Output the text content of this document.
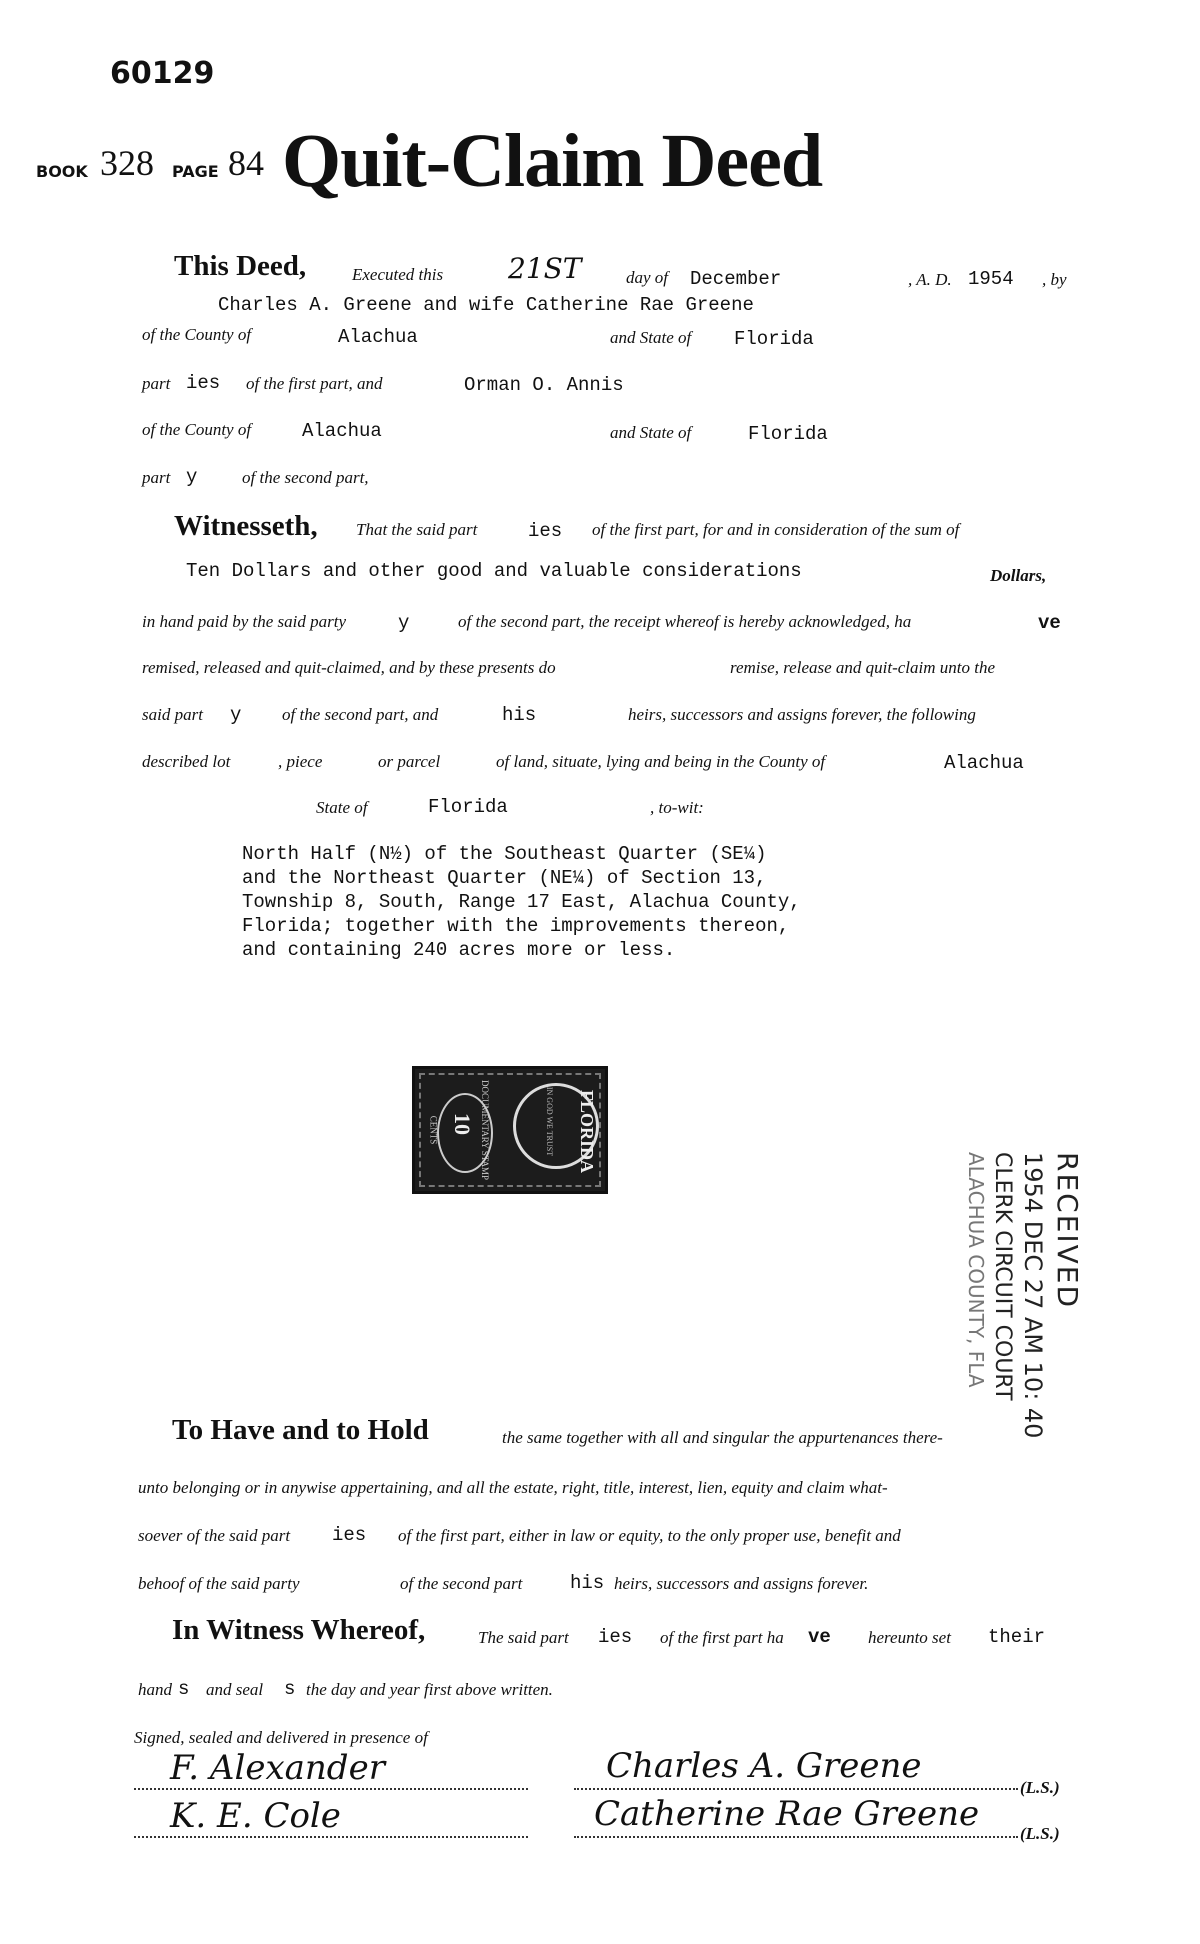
60129
BOOK 328 PAGE 84 Quit-Claim Deed
This Deed,	Executed this 21ST	day of December	, A. D. 1954 , by
Charles A. Greene and wife Catherine Rae Greene
of the County of	Alachua	and State of Florida
part ies of the first part, and	Orman O. Annis
of the County of	Alachua	and State of	Florida
part y	of the second part,
Witnesseth, That the said part	ies of the first part, for and in consideration of the sum of
Ten Dollars and other good and valuable considerations	Dollars,
in hand paid by the said party	y	of the second part, the receipt whereof is hereby acknowledged, ha	ve
remised, released and quit-claimed, and by these presents do	remise, release and quit-claim unto the
said part y of the second part, and	his	heirs, successors and assigns forever, the following
described lot	, piece	or parcel	of land, situate, lying and being in the County of	Alachua
State of	Florida	, to-wit:
North Half (N½) of the Southeast Quarter (SE¼)
and the Northeast Quarter (NE¼) of Section 13,
Township 8, South, Range 17 East, Alachua County,
Florida; together with the improvements thereon,
and containing 240 acres more or less.
FLORIDA
DOCUMENTARY STAMP
10
CENTS	IN GOD WE TRUST
RECEIVED
1954 DEC 27 AM 10: 40
CLERK CIRCUIT COURT
ALACHUA COUNTY, FLA
To Have and to Hold	the same together with all and singular the appurtenances there-
unto belonging or in anywise appertaining, and all the estate, right, title, interest, lien, equity and claim what-
soever of the said part ies of the first part, either in law or equity, to the only proper use, benefit and
behoof of the said party	of the second part	his heirs, successors and assigns forever.
In Witness Whereof,	The said part ies of the first part ha ve hereunto set their
hand s and seal s the day and year first above written.
Signed, sealed and delivered in presence of
F. Alexander
K. E. Cole
Charles A. Greene
(L.S.)
Catherine Rae Greene (L.S.)
